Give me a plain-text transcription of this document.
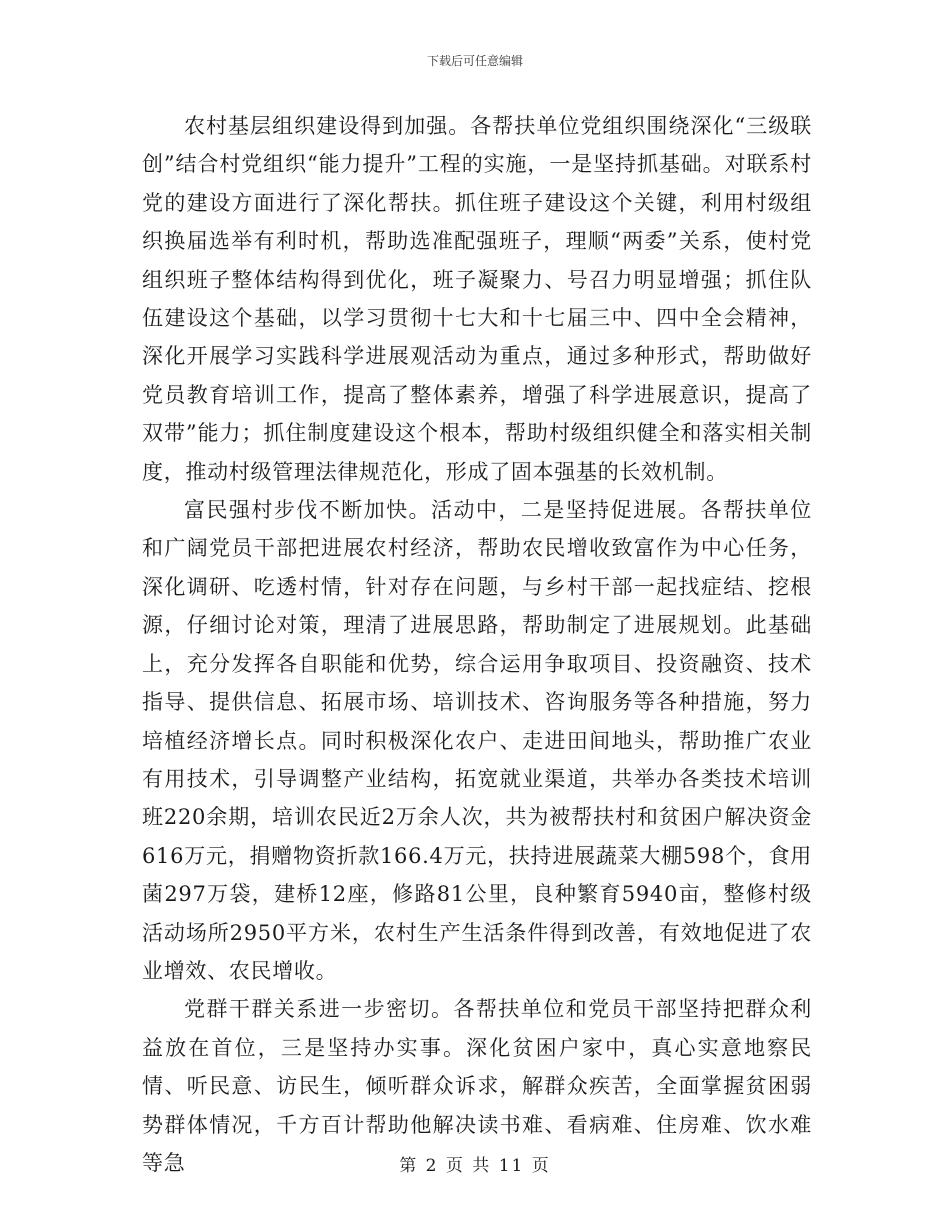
下载后可任意编辑

农村基层组织建设得到加强。各帮扶单位党组织围绕深化“三级联创”结合村党组织“能力提升”工程的实施，一是坚持抓基础。对联系村党的建设方面进行了深化帮扶。抓住班子建设这个关键，利用村级组织换届选举有利时机，帮助选准配强班子，理顺“两委”关系，使村党组织班子整体结构得到优化，班子凝聚力、号召力明显增强；抓住队伍建设这个基础，以学习贯彻十七大和十七届三中、四中全会精神，深化开展学习实践科学进展观活动为重点，通过多种形式，帮助做好党员教育培训工作，提高了整体素养，增强了科学进展意识，提高了双带”能力；抓住制度建设这个根本，帮助村级组织健全和落实相关制度，推动村级管理法律规范化，形成了固本强基的长效机制。

富民强村步伐不断加快。活动中，二是坚持促进展。各帮扶单位和广阔党员干部把进展农村经济，帮助农民增收致富作为中心任务，深化调研、吃透村情，针对存在问题，与乡村干部一起找症结、挖根源，仔细讨论对策，理清了进展思路，帮助制定了进展规划。此基础上，充分发挥各自职能和优势，综合运用争取项目、投资融资、技术指导、提供信息、拓展市场、培训技术、咨询服务等各种措施，努力培植经济增长点。同时积极深化农户、走进田间地头，帮助推广农业有用技术，引导调整产业结构，拓宽就业渠道，共举办各类技术培训班220余期，培训农民近2万余人次，共为被帮扶村和贫困户解决资金616万元，捐赠物资折款166.4万元，扶持进展蔬菜大棚598个，食用菌297万袋，建桥12座，修路81公里，良种繁育5940亩，整修村级活动场所2950平方米，农村生产生活条件得到改善，有效地促进了农业增效、农民增收。

党群干群关系进一步密切。各帮扶单位和党员干部坚持把群众利益放在首位，三是坚持办实事。深化贫困户家中，真心实意地察民情、听民意、访民生，倾听群众诉求，解群众疾苦，全面掌握贫困弱势群体情况，千方百计帮助他解决读书难、看病难、住房难、饮水难等急	第 2 页 共 11 页
